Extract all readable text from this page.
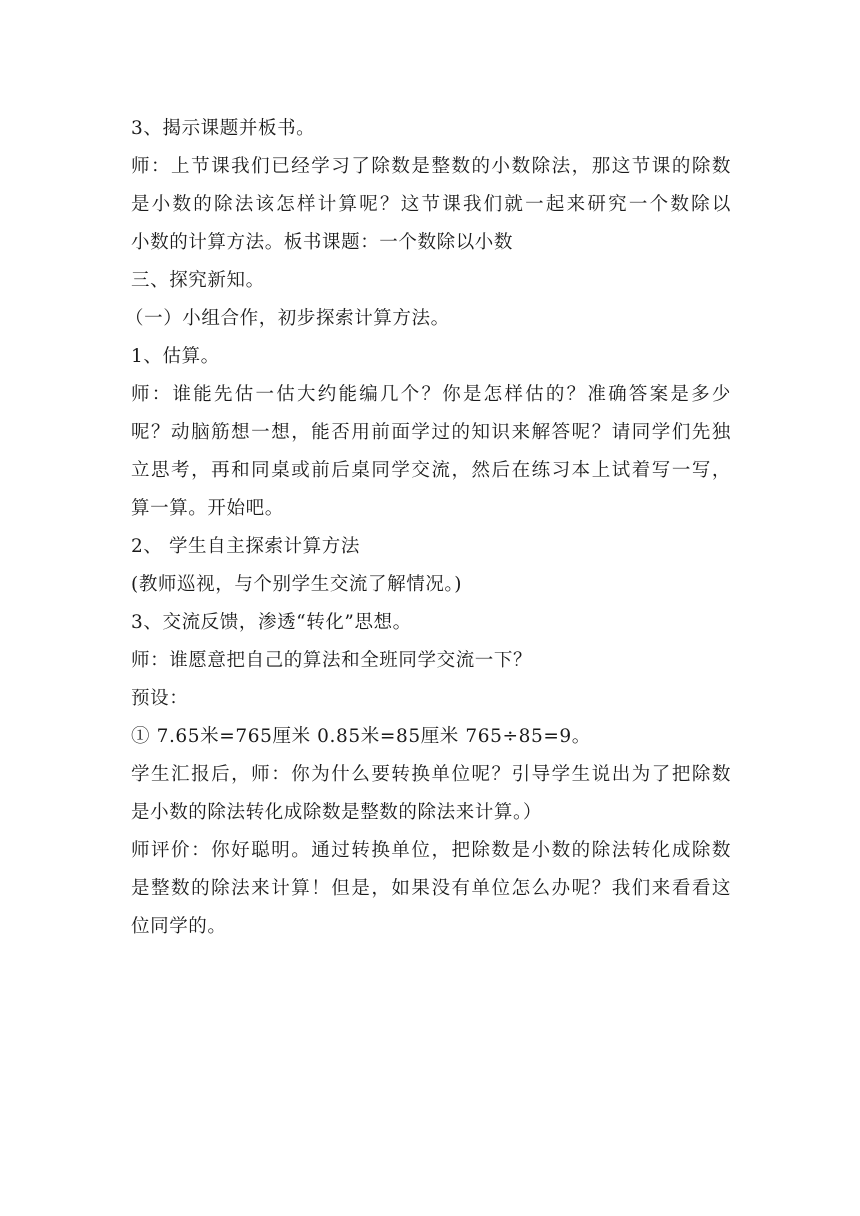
3、揭示课题并板书。
师：上节课我们已经学习了除数是整数的小数除法，那这节课的除数
是小数的除法该怎样计算呢？这节课我们就一起来研究一个数除以
小数的计算方法。板书课题：一个数除以小数
三、探究新知。
（一）小组合作，初步探索计算方法。
1、估算。
师：谁能先估一估大约能编几个？你是怎样估的？准确答案是多少
呢？动脑筋想一想，能否用前面学过的知识来解答呢？请同学们先独
立思考，再和同桌或前后桌同学交流，然后在练习本上试着写一写，
算一算。开始吧。
2、 学生自主探索计算方法
(教师巡视，与个别学生交流了解情况。)
3、交流反馈，渗透“转化”思想。
师：谁愿意把自己的算法和全班同学交流一下？
预设：
① 7.65米=765厘米 0.85米=85厘米 765÷85=9。
学生汇报后，师：你为什么要转换单位呢？引导学生说出为了把除数
是小数的除法转化成除数是整数的除法来计算。）
师评价：你好聪明。通过转换单位，把除数是小数的除法转化成除数
是整数的除法来计算！但是，如果没有单位怎么办呢？我们来看看这
位同学的。
